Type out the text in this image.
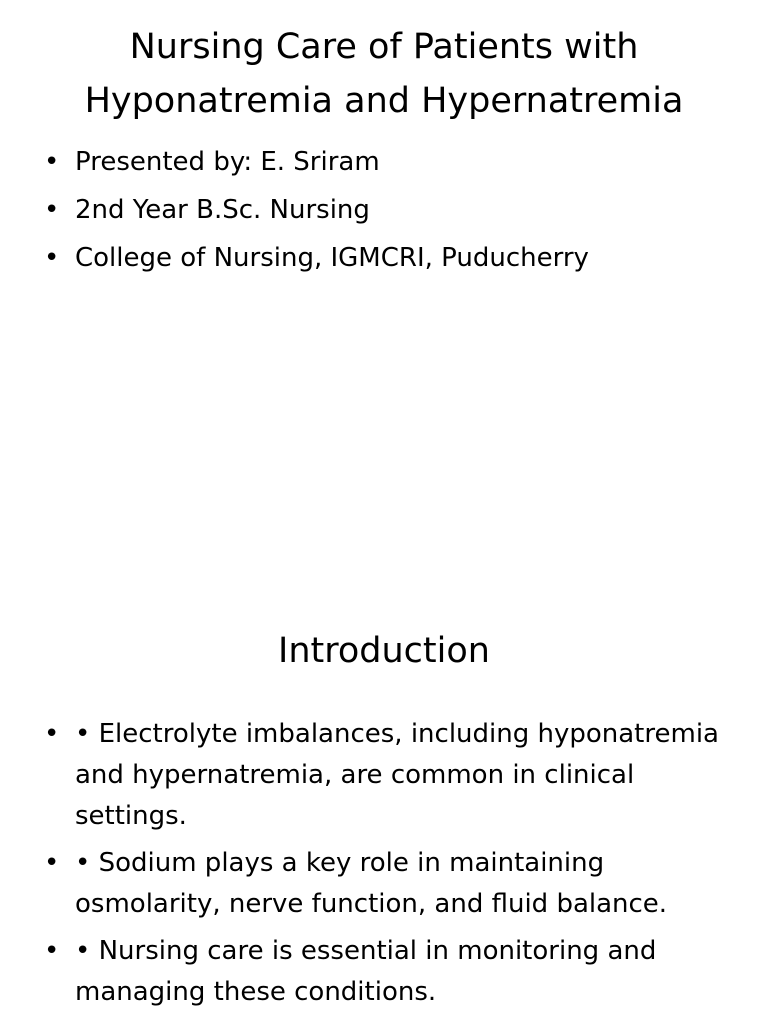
Nursing Care of Patients with Hyponatremia and Hypernatremia
• Presented by: E. Sriram
• 2nd Year B.Sc. Nursing
• College of Nursing, IGMCRI, Puducherry
Introduction
• • Electrolyte imbalances, including hyponatremia and hypernatremia, are common in clinical settings.
• • Sodium plays a key role in maintaining osmolarity, nerve function, and fluid balance.
• • Nursing care is essential in monitoring and managing these conditions.
